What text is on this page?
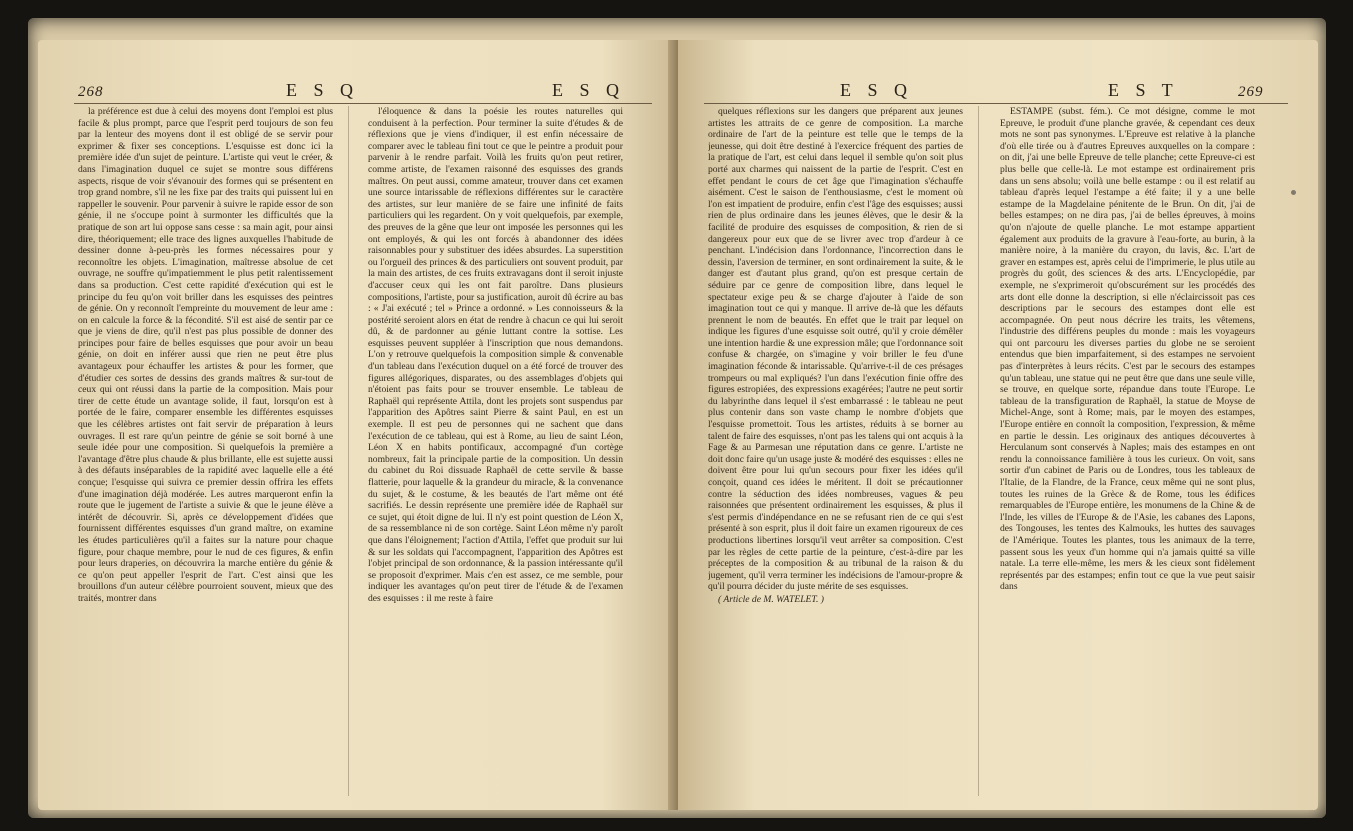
268	E S Q	E S Q

la préférence est due à celui des moyens dont l'emploi est plus facile & plus prompt, parce que l'esprit perd toujours de son feu par la lenteur des moyens dont il est obligé de se servir pour exprimer & fixer ses conceptions. L'esquisse est donc ici la première idée d'un sujet de peinture. L'artiste qui veut le créer, & dans l'imagination duquel ce sujet se montre sous différens aspects, risque de voir s'évanouir des formes qui se présentent en trop grand nombre, s'il ne les fixe par des traits qui puissent lui en rappeller le souvenir. Pour parvenir à suivre le rapide essor de son génie, il ne s'occupe point à surmonter les difficultés que la pratique de son art lui oppose sans cesse : sa main agit, pour ainsi dire, théoriquement; elle trace des lignes auxquelles l'habitude de dessiner donne à-peu-près les formes nécessaires pour y reconnoître les objets. L'imagination, maîtresse absolue de cet ouvrage, ne souffre qu'impatiemment le plus petit ralentissement dans sa production. C'est cette rapidité d'exécution qui est le principe du feu qu'on voit briller dans les esquisses des peintres de génie. On y reconnoît l'empreinte du mouvement de leur ame : on en calcule la force & la fécondité. S'il est aisé de sentir par ce que je viens de dire, qu'il n'est pas plus possible de donner des principes pour faire de belles esquisses que pour avoir un beau génie, on doit en inférer aussi que rien ne peut être plus avantageux pour échauffer les artistes & pour les former, que d'étudier ces sortes de dessins des grands maîtres & sur-tout de ceux qui ont réussi dans la partie de la composition. Mais pour tirer de cette étude un avantage solide, il faut, lorsqu'on est à portée de le faire, comparer ensemble les différentes esquisses que les célèbres artistes ont fait servir de préparation à leurs ouvrages. Il est rare qu'un peintre de génie se soit borné à une seule idée pour une composition. Si quelquefois la première a l'avantage d'être plus chaude & plus brillante, elle est sujette aussi à des défauts inséparables de la rapidité avec laquelle elle a été conçue; l'esquisse qui suivra ce premier dessin offrira les effets d'une imagination déjà modérée. Les autres marqueront enfin la route que le jugement de l'artiste a suivie & que le jeune élève a intérêt de découvrir. Si, après ce développement d'idées que fournissent différentes esquisses d'un grand maître, on examine les études particulières qu'il a faites sur la nature pour chaque figure, pour chaque membre, pour le nud de ces figures, & enfin pour leurs draperies, on découvrira la marche entière du génie & ce qu'on peut appeller l'esprit de l'art. C'est ainsi que les brouillons d'un auteur célèbre pourroient souvent, mieux que des traités, montrer dans

l'éloquence & dans la poésie les routes naturelles qui conduisent à la perfection. Pour terminer la suite d'études & de réflexions que je viens d'indiquer, il est enfin nécessaire de comparer avec le tableau fini tout ce que le peintre a produit pour parvenir à le rendre parfait. Voilà les fruits qu'on peut retirer, comme artiste, de l'examen raisonné des esquisses des grands maîtres. On peut aussi, comme amateur, trouver dans cet examen une source intarissable de réflexions différentes sur le caractère des artistes, sur leur manière de se faire une infinité de faits particuliers qui les regardent. On y voit quelquefois, par exemple, des preuves de la gêne que leur ont imposée les personnes qui les ont employés, & qui les ont forcés à abandonner des idées raisonnables pour y substituer des idées absurdes. La superstition ou l'orgueil des princes & des particuliers ont souvent produit, par la main des artistes, de ces fruits extravagans dont il seroit injuste d'accuser ceux qui les ont fait paroître. Dans plusieurs compositions, l'artiste, pour sa justification, auroit dû écrire au bas : « J'ai exécuté ; tel » Prince a ordonné. » Les connoisseurs & la postérité seroient alors en état de rendre à chacun ce qui lui seroit dû, & de pardonner au génie luttant contre la sottise. Les esquisses peuvent suppléer à l'inscription que nous demandons. L'on y retrouve quelquefois la composition simple & convenable d'un tableau dans l'exécution duquel on a été forcé de trouver des figures allégoriques, disparates, ou des assemblages d'objets qui n'étoient pas faits pour se trouver ensemble. Le tableau de Raphaël qui représente Attila, dont les projets sont suspendus par l'apparition des Apôtres saint Pierre & saint Paul, en est un exemple. Il est peu de personnes qui ne sachent que dans l'exécution de ce tableau, qui est à Rome, au lieu de saint Léon, Léon X en habits pontificaux, accompagné d'un cortège nombreux, fait la principale partie de la composition. Un dessin du cabinet du Roi dissuade Raphaël de cette servile & basse flatterie, pour laquelle & la grandeur du miracle, & la convenance du sujet, & le costume, & les beautés de l'art même ont été sacrifiés. Le dessin représente une première idée de Raphaël sur ce sujet, qui étoit digne de lui. Il n'y est point question de Léon X, de sa ressemblance ni de son cortège. Saint Léon même n'y paroît que dans l'éloignement; l'action d'Attila, l'effet que produit sur lui & sur les soldats qui l'accompagnent, l'apparition des Apôtres est l'objet principal de son ordonnance, & la passion intéressante qu'il se proposoit d'exprimer. Mais c'en est assez, ce me semble, pour indiquer les avantages qu'on peut tirer de l'étude & de l'examen des esquisses : il me reste à faire

E S Q	E S T	269

quelques réflexions sur les dangers que préparent aux jeunes artistes les attraits de ce genre de composition. La marche ordinaire de l'art de la peinture est telle que le temps de la jeunesse, qui doit être destiné à l'exercice fréquent des parties de la pratique de l'art, est celui dans lequel il semble qu'on soit plus porté aux charmes qui naissent de la partie de l'esprit. C'est en effet pendant le cours de cet âge que l'imagination s'échauffe aisément. C'est le saison de l'enthousiasme, c'est le moment où l'on est impatient de produire, enfin c'est l'âge des esquisses; aussi rien de plus ordinaire dans les jeunes élèves, que le desir & la facilité de produire des esquisses de composition, & rien de si dangereux pour eux que de se livrer avec trop d'ardeur à ce penchant. L'indécision dans l'ordonnance, l'incorrection dans le dessin, l'aversion de terminer, en sont ordinairement la suite, & le danger est d'autant plus grand, qu'on est presque certain de séduire par ce genre de composition libre, dans lequel le spectateur exige peu & se charge d'ajouter à l'aide de son imagination tout ce qui y manque. Il arrive de-là que les défauts prennent le nom de beautés. En effet que le trait par lequel on indique les figures d'une esquisse soit outré, qu'il y croie démêler une intention hardie & une expression mâle; que l'ordonnance soit confuse & chargée, on s'imagine y voir briller le feu d'une imagination féconde & intarissable. Qu'arrive-t-il de ces présages trompeurs ou mal expliqués? l'un dans l'exécution finie offre des figures estropiées, des expressions exagérées; l'autre ne peut sortir du labyrinthe dans lequel il s'est embarrassé : le tableau ne peut plus contenir dans son vaste champ le nombre d'objets que l'esquisse promettoit. Tous les artistes, réduits à se borner au talent de faire des esquisses, n'ont pas les talens qui ont acquis à la Fage & au Parmesan une réputation dans ce genre. L'artiste ne doit donc faire qu'un usage juste & modéré des esquisses : elles ne doivent être pour lui qu'un secours pour fixer les idées qu'il conçoit, quand ces idées le méritent. Il doit se précautionner contre la séduction des idées nombreuses, vagues & peu raisonnées que présentent ordinairement les esquisses, & plus il s'est permis d'indépendance en ne se refusant rien de ce qui s'est présenté à son esprit, plus il doit faire un examen rigoureux de ces productions libertines lorsqu'il veut arrêter sa composition. C'est par les règles de cette partie de la peinture, c'est-à-dire par les préceptes de la composition & au tribunal de la raison & du jugement, qu'il verra terminer les indécisions de l'amour-propre & qu'il pourra décider du juste mérite de ses esquisses.

( Article de M. WATELET. )

ESTAMPE (subst. fém.). Ce mot désigne, comme le mot Epreuve, le produit d'une planche gravée, & cependant ces deux mots ne sont pas synonymes. L'Epreuve est relative à la planche d'où elle tirée ou à d'autres Epreuves auxquelles on la compare : on dit, j'ai une belle Epreuve de telle planche; cette Epreuve-ci est plus belle que celle-là. Le mot estampe est ordinairement pris dans un sens absolu; voilà une belle estampe : ou il est relatif au tableau d'après lequel l'estampe a été faite; il y a une belle estampe de la Magdelaine pénitente de le Brun. On dit, j'ai de belles estampes; on ne dira pas, j'ai de belles épreuves, à moins qu'on n'ajoute de quelle planche. Le mot estampe appartient également aux produits de la gravure à l'eau-forte, au burin, à la manière noire, à la manière du crayon, du lavis, &c. L'art de graver en estampes est, après celui de l'imprimerie, le plus utile au progrès du goût, des sciences & des arts. L'Encyclopédie, par exemple, ne s'exprimeroit qu'obscurément sur les procédés des arts dont elle donne la description, si elle n'éclaircissoit pas ces descriptions par le secours des estampes dont elle est accompagnée. On peut nous décrire les traits, les vêtemens, l'industrie des différens peuples du monde : mais les voyageurs qui ont parcouru les diverses parties du globe ne se seroient entendus que bien imparfaitement, si des estampes ne servoient pas d'interprètes à leurs récits. C'est par le secours des estampes qu'un tableau, une statue qui ne peut être que dans une seule ville, se trouve, en quelque sorte, répandue dans toute l'Europe. Le tableau de la transfiguration de Raphaël, la statue de Moyse de Michel-Ange, sont à Rome; mais, par le moyen des estampes, l'Europe entière en connoît la composition, l'expression, & même en partie le dessin. Les originaux des antiques découvertes à Herculanum sont conservés à Naples; mais des estampes en ont rendu la connoissance familière à tous les curieux. On voit, sans sortir d'un cabinet de Paris ou de Londres, tous les tableaux de l'Italie, de la Flandre, de la France, ceux même qui ne sont plus, toutes les ruines de la Grèce & de Rome, tous les édifices remarquables de l'Europe entière, les monumens de la Chine & de l'Inde, les villes de l'Europe & de l'Asie, les cabanes des Lapons, des Tongouses, les tentes des Kalmouks, les huttes des sauvages de l'Amérique. Toutes les plantes, tous les animaux de la terre, passent sous les yeux d'un homme qui n'a jamais quitté sa ville natale. La terre elle-même, les mers & les cieux sont fidèlement représentés par des estampes; enfin tout ce que la vue peut saisir dans
